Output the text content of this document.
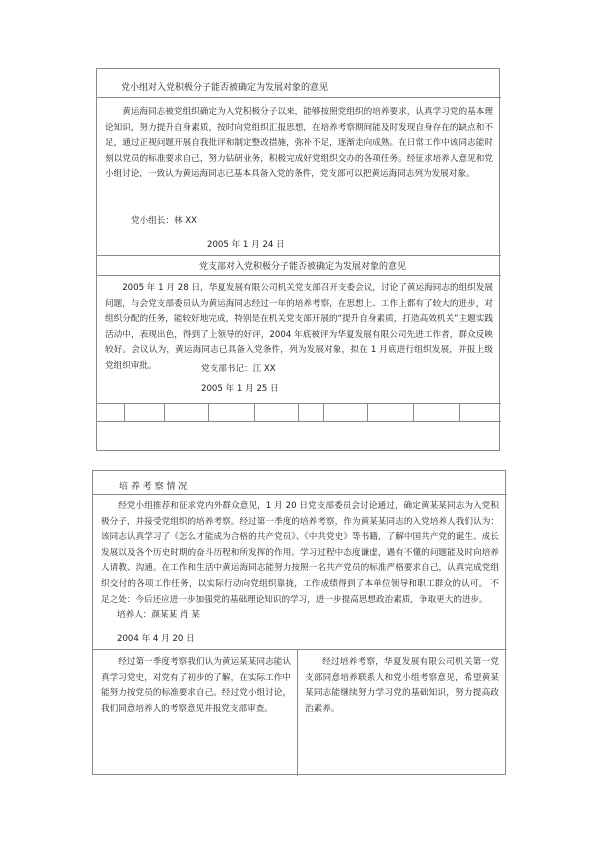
党小组对入党积极分子能否被确定为发展对象的意见
黄运海同志被党组织确定为入党积极分子以来，能够按照党组织的培养要求，认真学习党的基本理论知识，努力提升自身素质，按时向党组织汇报思想，在培养考察期间能及时发现自身存在的缺点和不足，通过正视问题开展自我批评和制定整改措施，弥补不足，逐渐走向成熟。在日常工作中该同志能时刻以党员的标准要求自己，努力钻研业务，积极完成好党组织交办的各项任务。经征求培养人意见和党小组讨论，一致认为黄运海同志已基本具备入党的条件，党支部可以把黄运海同志列为发展对象。
党小组长：林 XX
2005 年 1 月 24 日
党支部对入党积极分子能否被确定为发展对象的意见
2005 年 1 月 28 日，华夏发展有限公司机关党支部召开支委会议，讨论了黄运海同志的组织发展问题，与会党支部委员认为黄运海同志经过一年的培养考察，在思想上、工作上都有了较大的进步，对组织分配的任务，能较好地完成，特别是在机关党支部开展的“提升自身素质，打造高效机关”主题实践活动中，表现出色，得到了上领导的好评，2004 年底被评为华夏发展有限公司先进工作者，群众反映较好。会议认为，黄运海同志已具备入党条件，列为发展对象，拟在 1 月底进行组织发展，并报上级党组织审批。	党支部书记：江 XX
2005 年 1 月 25 日
培 养 考 察 情 况
经党小组推荐和征求党内外群众意见，1 月 20 日党支部委员会讨论通过，确定黄某某同志为入党积极分子，并接受党组织的培养考察。经过第一季度的培养考察，作为黄某某同志的入党培养人我们认为：该同志认真学习了《怎么才能成为合格的共产党员》、《中共党史》等书籍，了解中国共产党的诞生、成长发展以及各个历史时期的奋斗历程和所发挥的作用。学习过程中态度谦虚，遇有不懂的问题能及时向培养人请教、沟通。在工作和生活中黄运海同志能努力按照一名共产党员的标准严格要求自己，认真完成党组织交付的各项工作任务，以实际行动向党组织靠拢，工作成绩得到了本单位领导和职工群众的认可。 不足之处：今后还应进一步加强党的基础理论知识的学习，进一步提高思想政治素质，争取更大的进步。
培养人：颜某某 肖 某
2004 年 4 月 20 日
经过第一季度考察我们认为黄运某某同志能认真学习党史，对党有了初步的了解，在实际工作中能努力按党员的标准要求自己。经过党小组讨论，我们同意培养人的考察意见并报党支部审查。
经过培养考察，华夏发展有限公司机关第一党支部同意培养联系人和党小组考察意见，希望黄某某同志能继续努力学习党的基础知识，努力提高政治素养。
